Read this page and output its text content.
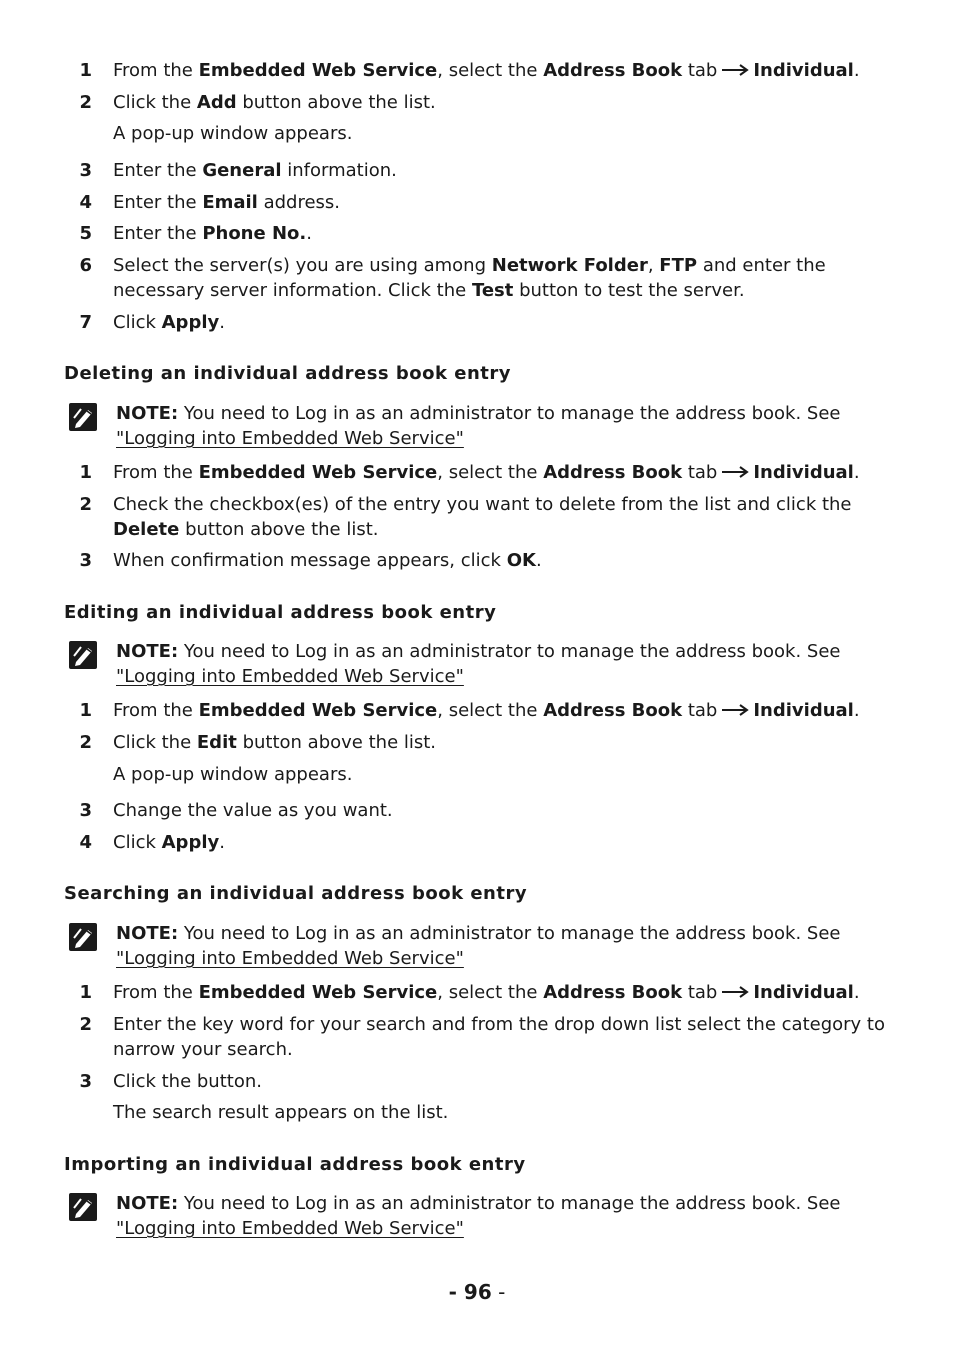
1 From the Embedded Web Service, select the Address Book tab Individual.
2 Click the Add button above the list.
A pop-up window appears.
3 Enter the General information.
4 Enter the Email address.
5 Enter the Phone No..
6 Select the server(s) you are using among Network Folder, FTP and enter the necessary server information. Click the Test button to test the server.
7 Click Apply.
Deleting an individual address book entry
NOTE: You need to Log in as an administrator to manage the address book. See
"Logging into Embedded Web Service"
1 From the Embedded Web Service, select the Address Book tab Individual.
2 Check the checkbox(es) of the entry you want to delete from the list and click the Delete button above the list.
3 When confirmation message appears, click OK.
Editing an individual address book entry
NOTE: You need to Log in as an administrator to manage the address book. See
"Logging into Embedded Web Service"
1 From the Embedded Web Service, select the Address Book tab Individual.
2 Click the Edit button above the list.
A pop-up window appears.
3 Change the value as you want.
4 Click Apply.
Searching an individual address book entry
NOTE: You need to Log in as an administrator to manage the address book. See
"Logging into Embedded Web Service"
1 From the Embedded Web Service, select the Address Book tab Individual.
2 Enter the key word for your search and from the drop down list select the category to narrow your search.
3 Click the button.
The search result appears on the list.
Importing an individual address book entry
NOTE: You need to Log in as an administrator to manage the address book. See
"Logging into Embedded Web Service"
- 96 -
